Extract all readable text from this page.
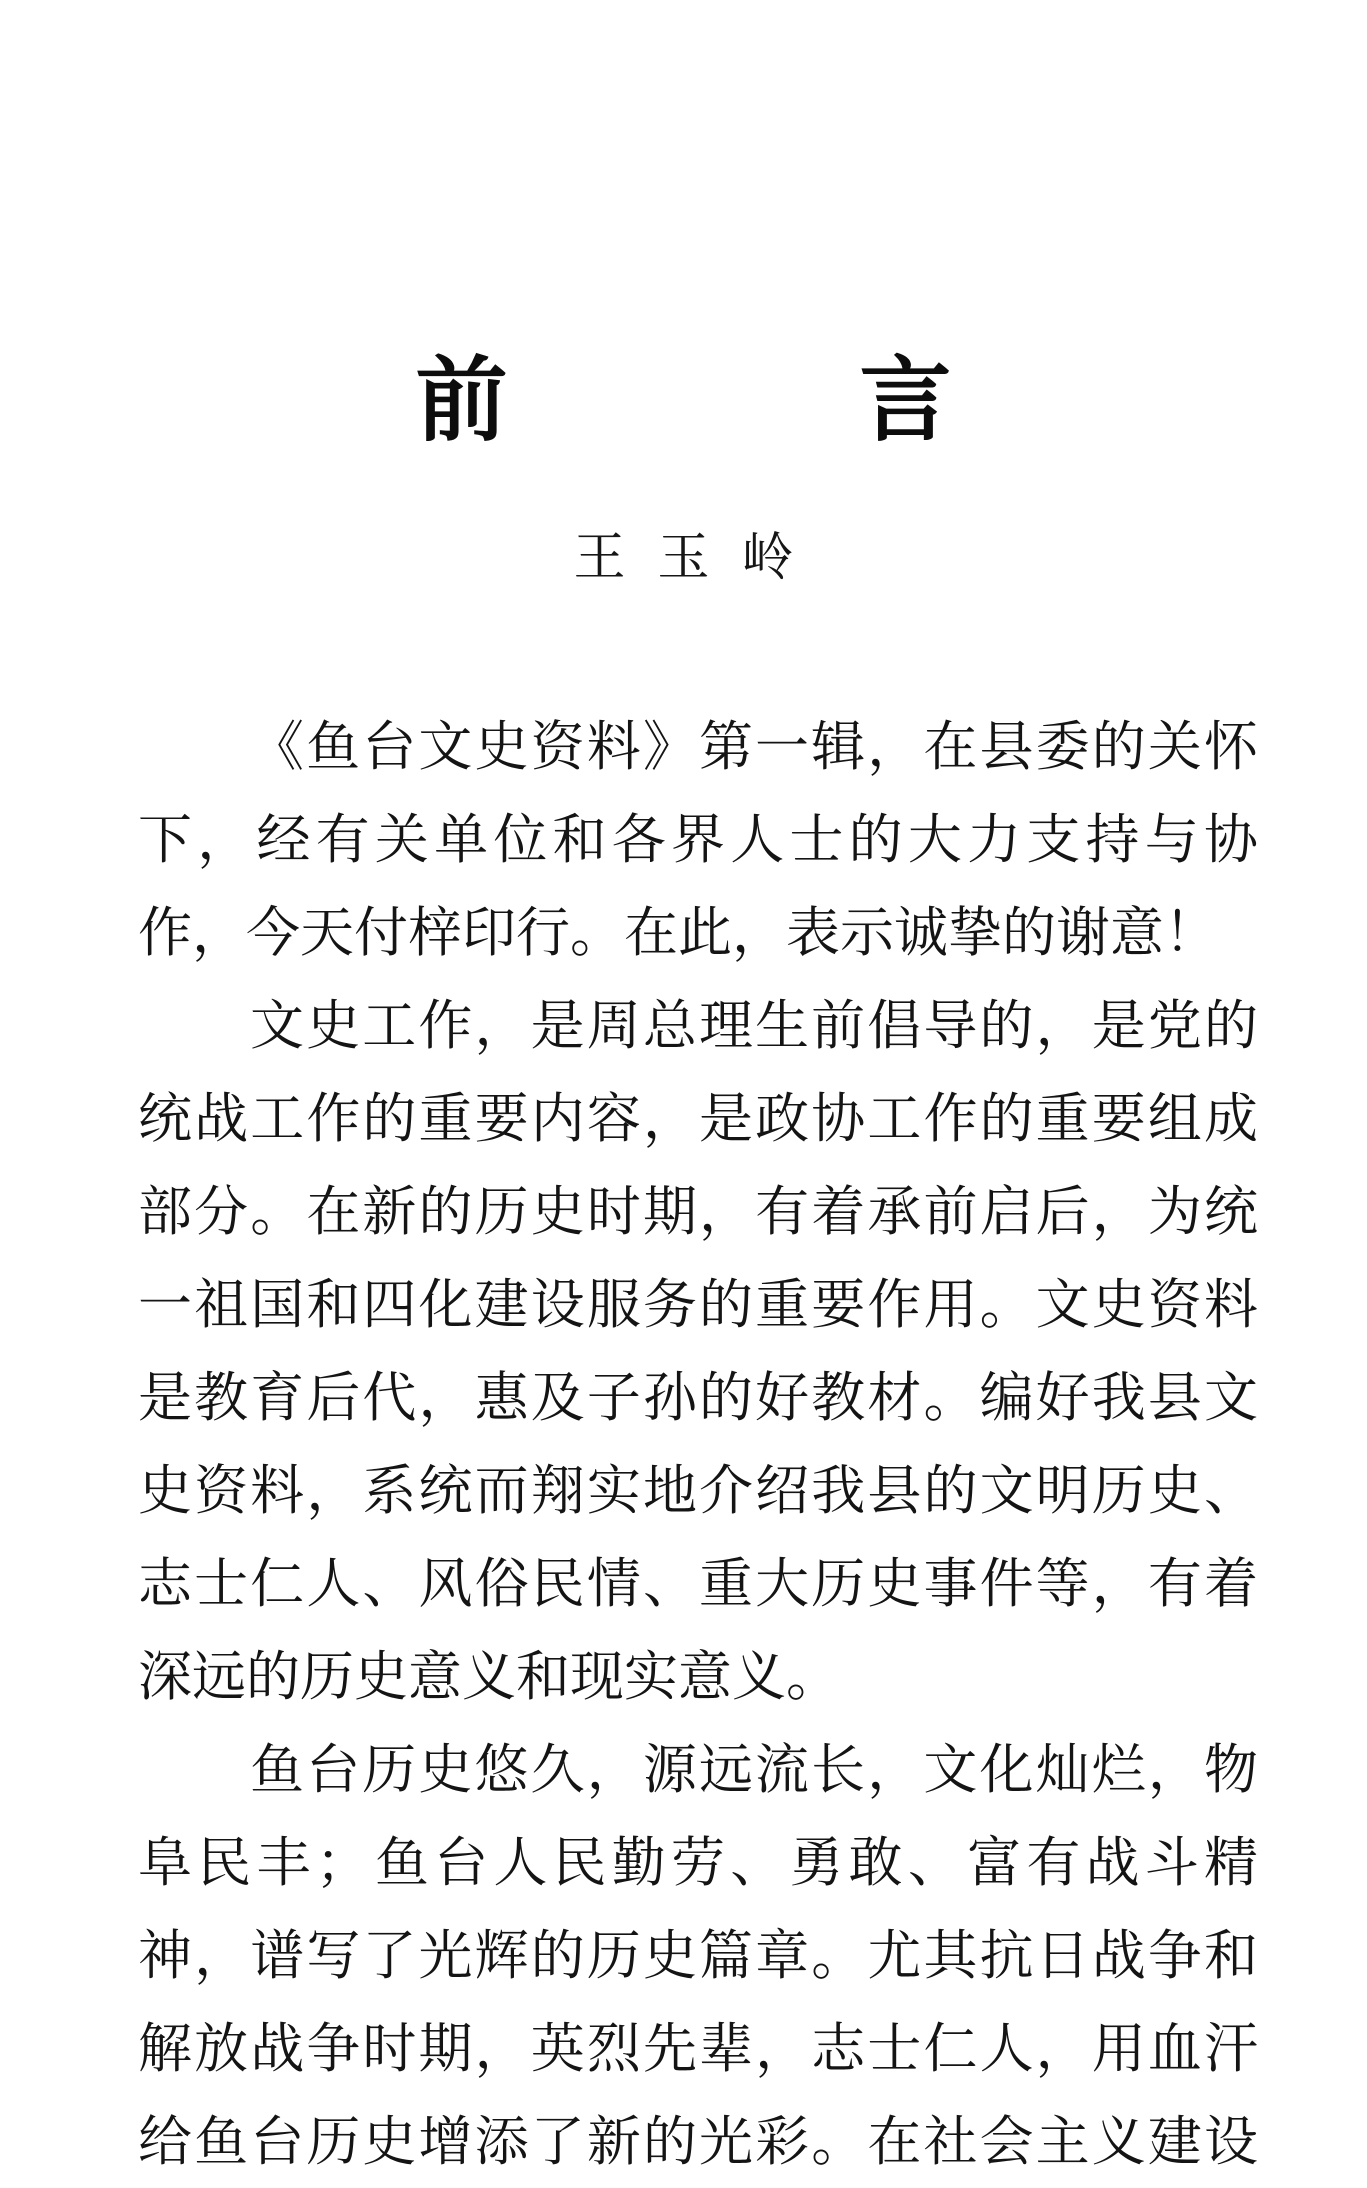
前 言
王玉岭
《鱼台文史资料》第一辑，在县委的关怀
下，经有关单位和各界人士的大力支持与协
作，今天付梓印行。在此，表示诚挚的谢意！
文史工作，是周总理生前倡导的，是党的
统战工作的重要内容，是政协工作的重要组成
部分。在新的历史时期，有着承前启后，为统
一祖国和四化建设服务的重要作用。文史资料
是教育后代，惠及子孙的好教材。编好我县文
史资料，系统而翔实地介绍我县的文明历史、
志士仁人、风俗民情、重大历史事件等，有着
深远的历史意义和现实意义。
鱼台历史悠久，源远流长，文化灿烂，物
阜民丰；鱼台人民勤劳、勇敢、富有战斗精
神，谱写了光辉的历史篇章。尤其抗日战争和
解放战争时期，英烈先辈，志士仁人，用血汗
给鱼台历史增添了新的光彩。在社会主义建设
